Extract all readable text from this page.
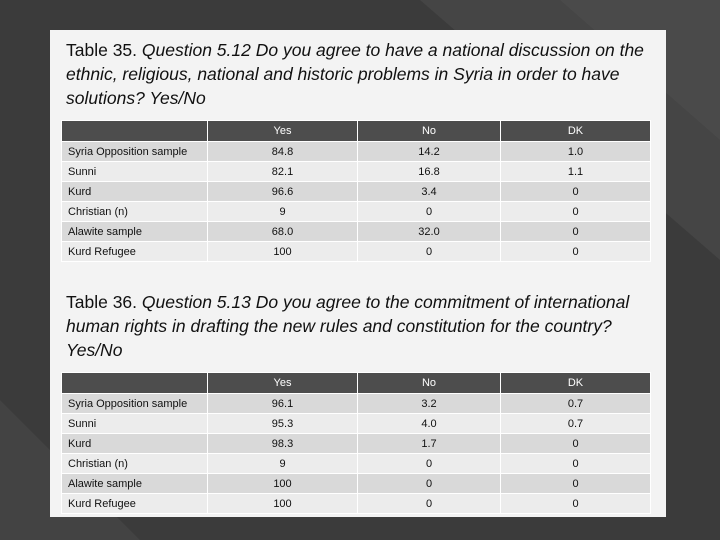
Table 35. Question 5.12 Do you agree to have a national discussion on the ethnic, religious, national and historic problems in Syria in order to have solutions? Yes/No
	Yes	No	DK
Syria Opposition sample	84.8	14.2	1.0
Sunni	82.1	16.8	1.1
Kurd	96.6	3.4	0
Christian (n)	9	0	0
Alawite sample	68.0	32.0	0
Kurd Refugee	100	0	0
Table 36. Question 5.13 Do you agree to the commitment of international human rights in drafting the new rules and constitution for the country? Yes/No
	Yes	No	DK
Syria Opposition sample	96.1	3.2	0.7
Sunni	95.3	4.0	0.7
Kurd	98.3	1.7	0
Christian (n)	9	0	0
Alawite sample	100	0	0
Kurd Refugee	100	0	0
